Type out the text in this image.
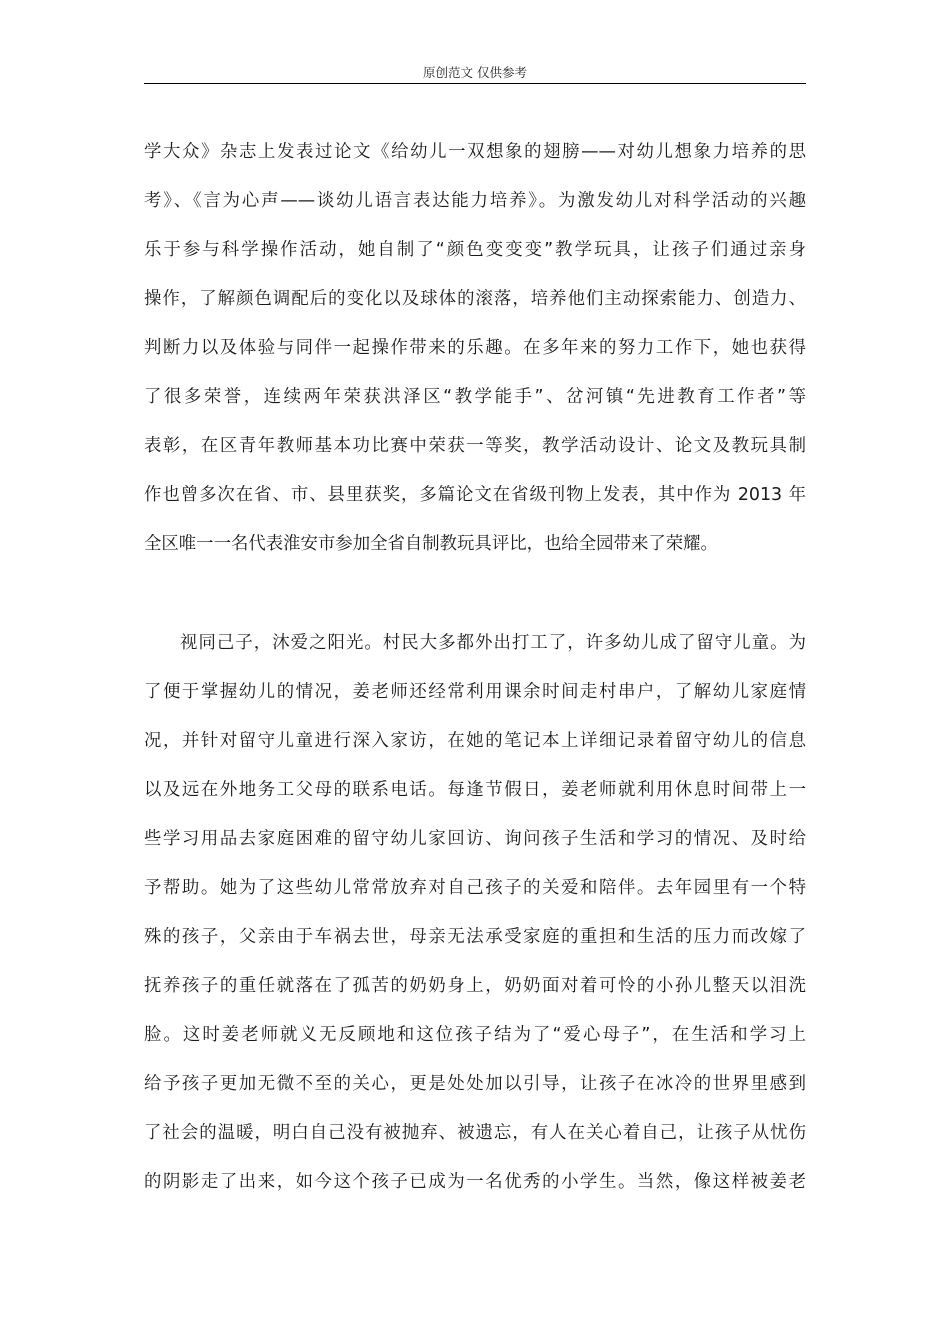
原创范文 仅供参考
学大众》杂志上发表过论文《给幼儿一双想象的翅膀——对幼儿想象力培养的思
考》、《言为心声——谈幼儿语言表达能力培养》。为激发幼儿对科学活动的兴趣
乐于参与科学操作活动，她自制了“颜色变变变”教学玩具，让孩子们通过亲身
操作，了解颜色调配后的变化以及球体的滚落，培养他们主动探索能力、创造力、
判断力以及体验与同伴一起操作带来的乐趣。在多年来的努力工作下，她也获得
了很多荣誉，连续两年荣获洪泽区“教学能手”、岔河镇“先进教育工作者”等
表彰，在区青年教师基本功比赛中荣获一等奖，教学活动设计、论文及教玩具制
作也曾多次在省、市、县里获奖，多篇论文在省级刊物上发表，其中作为 2013 年
全区唯一一名代表淮安市参加全省自制教玩具评比，也给全园带来了荣耀。
视同己子，沐爱之阳光。村民大多都外出打工了，许多幼儿成了留守儿童。为
了便于掌握幼儿的情况，姜老师还经常利用课余时间走村串户，了解幼儿家庭情
况，并针对留守儿童进行深入家访，在她的笔记本上详细记录着留守幼儿的信息
以及远在外地务工父母的联系电话。每逢节假日，姜老师就利用休息时间带上一
些学习用品去家庭困难的留守幼儿家回访、询问孩子生活和学习的情况、及时给
予帮助。她为了这些幼儿常常放弃对自己孩子的关爱和陪伴。去年园里有一个特
殊的孩子，父亲由于车祸去世，母亲无法承受家庭的重担和生活的压力而改嫁了
抚养孩子的重任就落在了孤苦的奶奶身上，奶奶面对着可怜的小孙儿整天以泪洗
脸。这时姜老师就义无反顾地和这位孩子结为了“爱心母子”，在生活和学习上
给予孩子更加无微不至的关心，更是处处加以引导，让孩子在冰冷的世界里感到
了社会的温暖，明白自己没有被抛弃、被遗忘，有人在关心着自己，让孩子从忧伤
的阴影走了出来，如今这个孩子已成为一名优秀的小学生。当然，像这样被姜老
